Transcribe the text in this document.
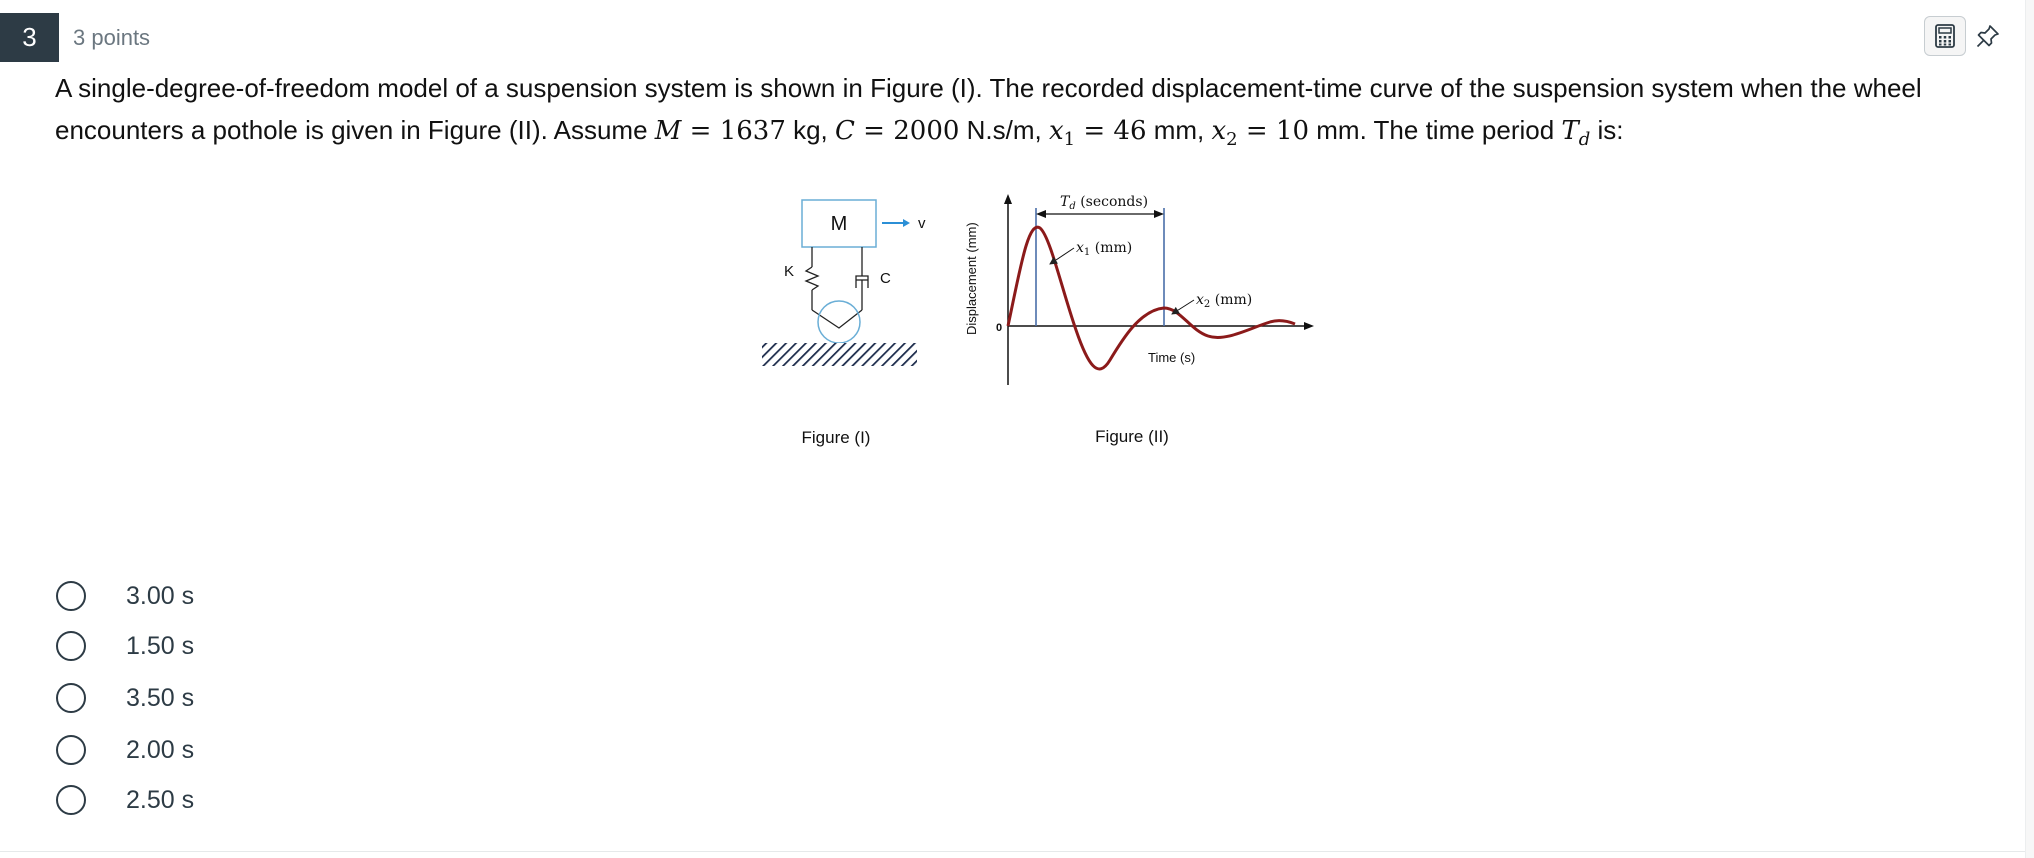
3	3 points
A single-degree-of-freedom model of a suspension system is shown in Figure (I). The recorded displacement-time curve of the suspension system when the wheel
encounters a pothole is given in Figure (II). Assume M = 1637 kg, C = 2000 N.s/m, $x_1 = 46$ mm, $x_2 = 10$ mm. The time period $T_d$ is:
M	v
K	C
Figure (I)
Displacement (mm) 0
$T_d$ (seconds)
$x_1$ (mm)
$x_2$ (mm)
Time (s)
Figure (II)
3.00 s
1.50 s
3.50 s
2.00 s
2.50 s
